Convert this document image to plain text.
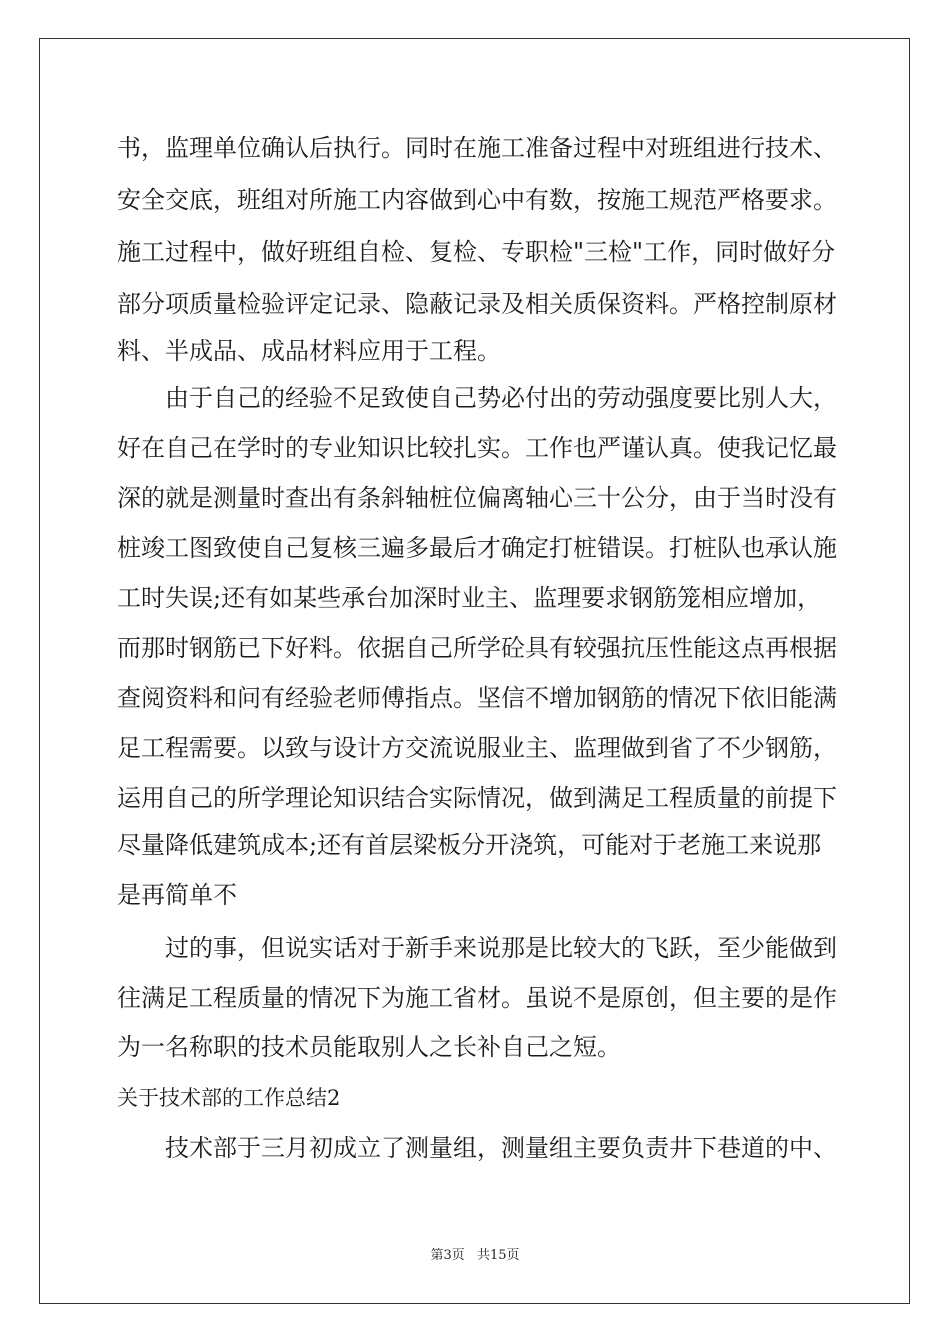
书，监理单位确认后执行。同时在施工准备过程中对班组进行技术、
安全交底，班组对所施工内容做到心中有数，按施工规范严格要求。
施工过程中，做好班组自检、复检、专职检"三检"工作，同时做好分
部分项质量检验评定记录、隐蔽记录及相关质保资料。严格控制原材
料、半成品、成品材料应用于工程。
由于自己的经验不足致使自己势必付出的劳动强度要比别人大，
好在自己在学时的专业知识比较扎实。工作也严谨认真。使我记忆最
深的就是测量时查出有条斜轴桩位偏离轴心三十公分，由于当时没有
桩竣工图致使自己复核三遍多最后才确定打桩错误。打桩队也承认施
工时失误;还有如某些承台加深时业主、监理要求钢筋笼相应增加，
而那时钢筋已下好料。依据自己所学砼具有较强抗压性能这点再根据
查阅资料和问有经验老师傅指点。坚信不增加钢筋的情况下依旧能满
足工程需要。以致与设计方交流说服业主、监理做到省了不少钢筋，
运用自己的所学理论知识结合实际情况，做到满足工程质量的前提下
尽量降低建筑成本;还有首层梁板分开浇筑，可能对于老施工来说那
是再简单不
过的事，但说实话对于新手来说那是比较大的飞跃，至少能做到
往满足工程质量的情况下为施工省材。虽说不是原创，但主要的是作
为一名称职的技术员能取别人之长补自己之短。
关于技术部的工作总结2
技术部于三月初成立了测量组，测量组主要负责井下巷道的中、
第3页 共15页
